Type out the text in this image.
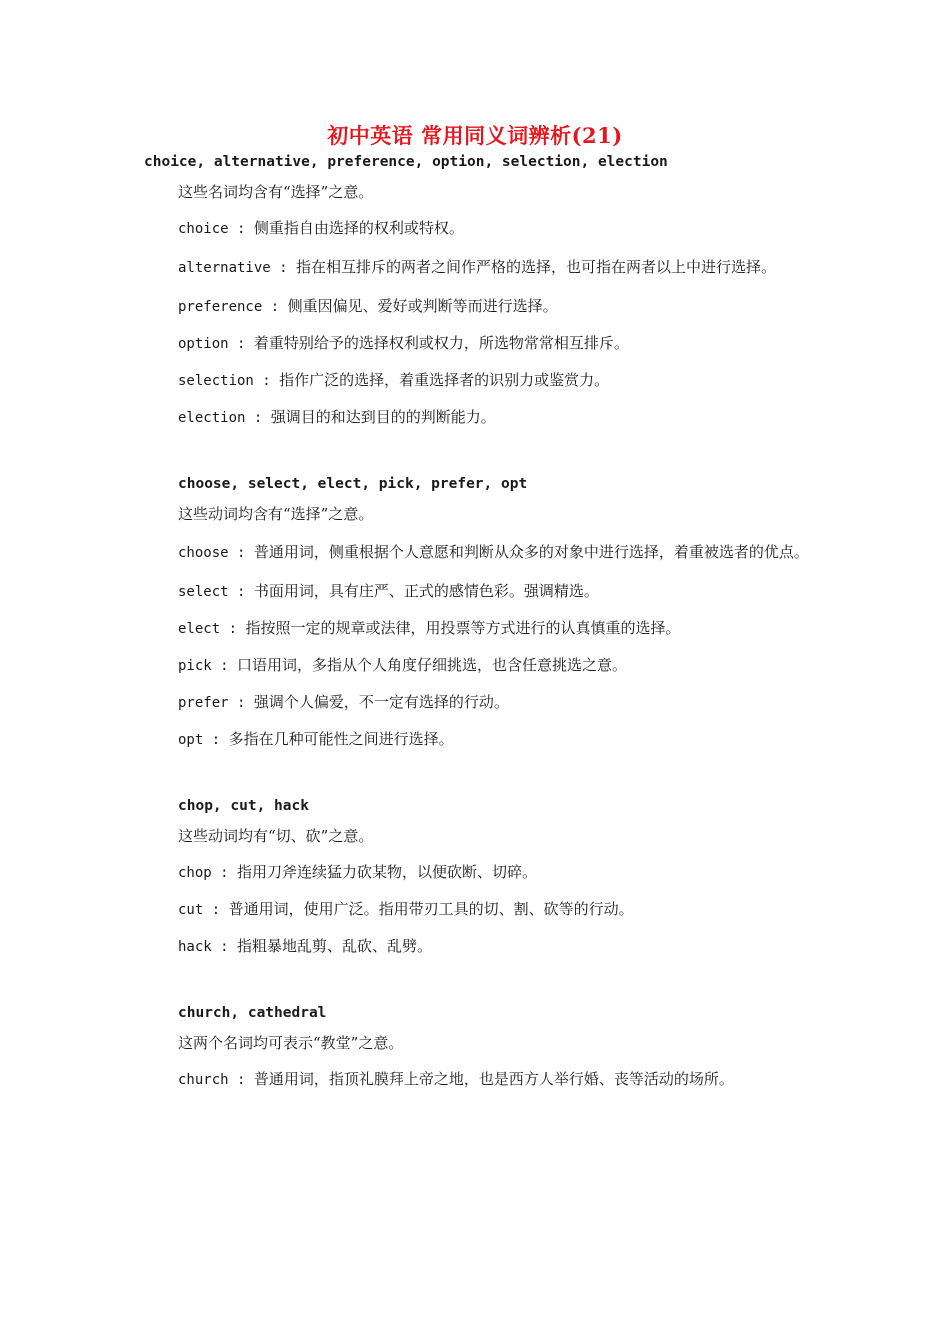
初中英语 常用同义词辨析(21)
choice, alternative, preference, option, selection, election
这些名词均含有“选择”之意。
choice : 侧重指自由选择的权利或特权。
alternative : 指在相互排斥的两者之间作严格的选择，也可指在两者以上中进行选择。
preference : 侧重因偏见、爱好或判断等而进行选择。
option : 着重特别给予的选择权利或权力，所选物常常相互排斥。
selection : 指作广泛的选择，着重选择者的识别力或鉴赏力。
election : 强调目的和达到目的的判断能力。
choose, select, elect, pick, prefer, opt
这些动词均含有“选择”之意。
choose : 普通用词，侧重根据个人意愿和判断从众多的对象中进行选择，着重被选者的优点。
select : 书面用词，具有庄严、正式的感情色彩。强调精选。
elect : 指按照一定的规章或法律，用投票等方式进行的认真慎重的选择。
pick : 口语用词，多指从个人角度仔细挑选，也含任意挑选之意。
prefer : 强调个人偏爱，不一定有选择的行动。
opt : 多指在几种可能性之间进行选择。
chop, cut, hack
这些动词均有“切、砍”之意。
chop : 指用刀斧连续猛力砍某物，以便砍断、切碎。
cut : 普通用词，使用广泛。指用带刃工具的切、割、砍等的行动。
hack : 指粗暴地乱剪、乱砍、乱劈。
church, cathedral
这两个名词均可表示“教堂”之意。
church : 普通用词，指顶礼膜拜上帝之地，也是西方人举行婚、丧等活动的场所。
